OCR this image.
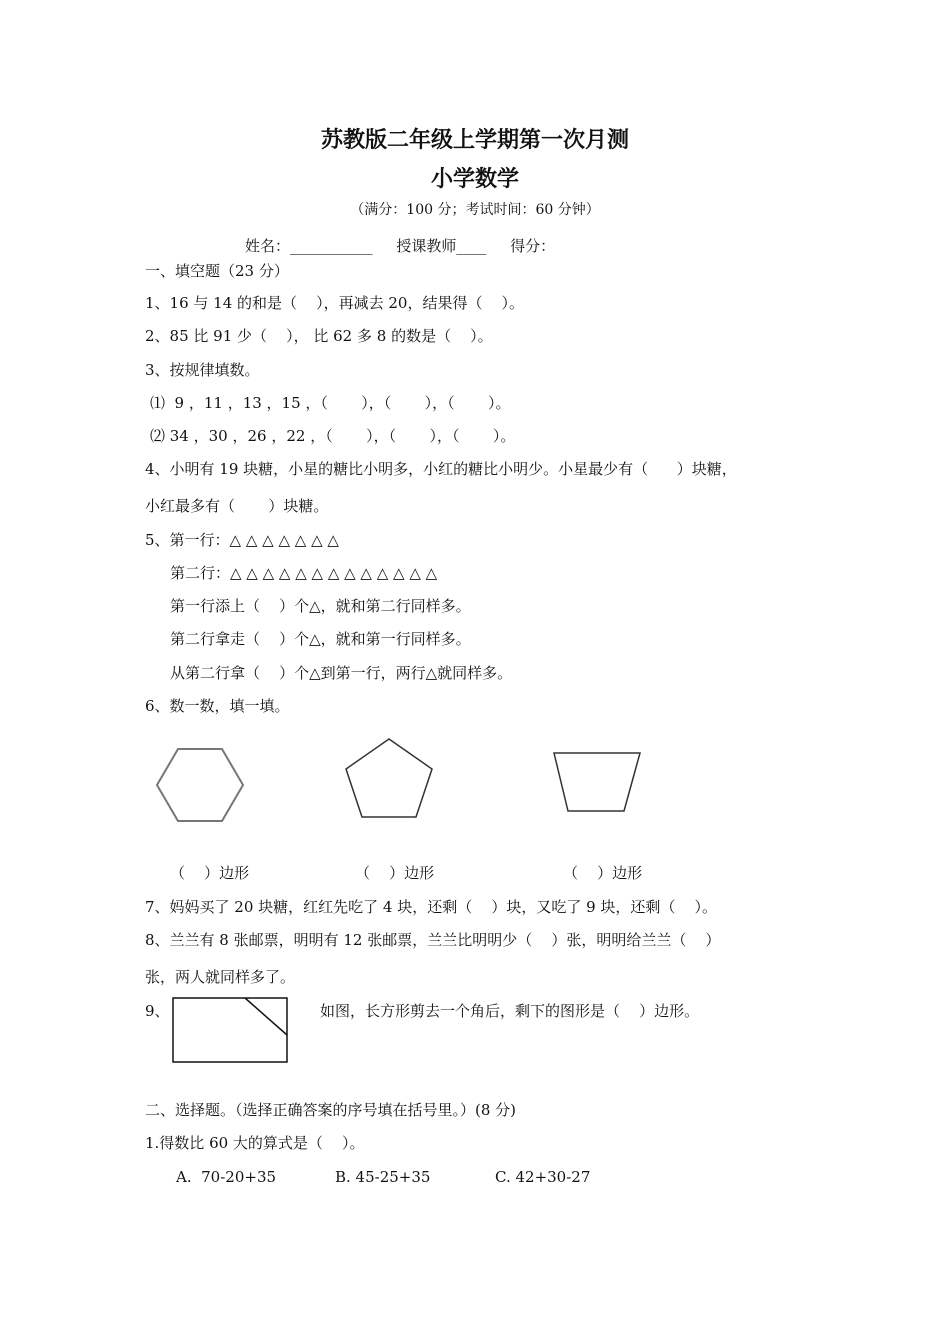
苏教版二年级上学期第一次月测
小学数学
（满分：100 分；考试时间：60 分钟）
姓名：___________     授课教师____     得分：
一、填空题（23 分）
1、16 与 14 的和是（    ），再减去 20，结果得（    ）。
2、85 比 91 少（    ）， 比 62 多 8 的数是（    ）。
3、按规律填数。
⑴  9 ，11 ，13 ，15 ，（       ），（       ），（       ）。
⑵ 34 ，30 ，26 ，22 ，（       ），（       ），（       ）。
4、小明有 19 块糖，小星的糖比小明多，小红的糖比小明少。小星最少有（      ）块糖，
小红最多有（       ）块糖。
5、第一行：△ △ △ △ △ △ △
第二行：△ △ △ △ △ △ △ △ △ △ △ △ △
第一行添上（    ）个△，就和第二行同样多。
第二行拿走（    ）个△，就和第一行同样多。
从第二行拿（    ）个△到第一行，两行△就同样多。
6、数一数，填一填。
（    ）边形	（    ）边形	（    ）边形
7、妈妈买了 20 块糖，红红先吃了 4 块，还剩（    ）块，又吃了 9 块，还剩（    ）。
8、兰兰有 8 张邮票，明明有 12 张邮票，兰兰比明明少（    ）张，明明给兰兰（    ）
张，两人就同样多了。
9、	如图，长方形剪去一个角后，剩下的图形是（    ）边形。
二、选择题。（选择正确答案的序号填在括号里。）(8 分)
1.得数比 60 大的算式是（    ）。
A.  70-20+35	B. 45-25+35	C. 42+30-27
